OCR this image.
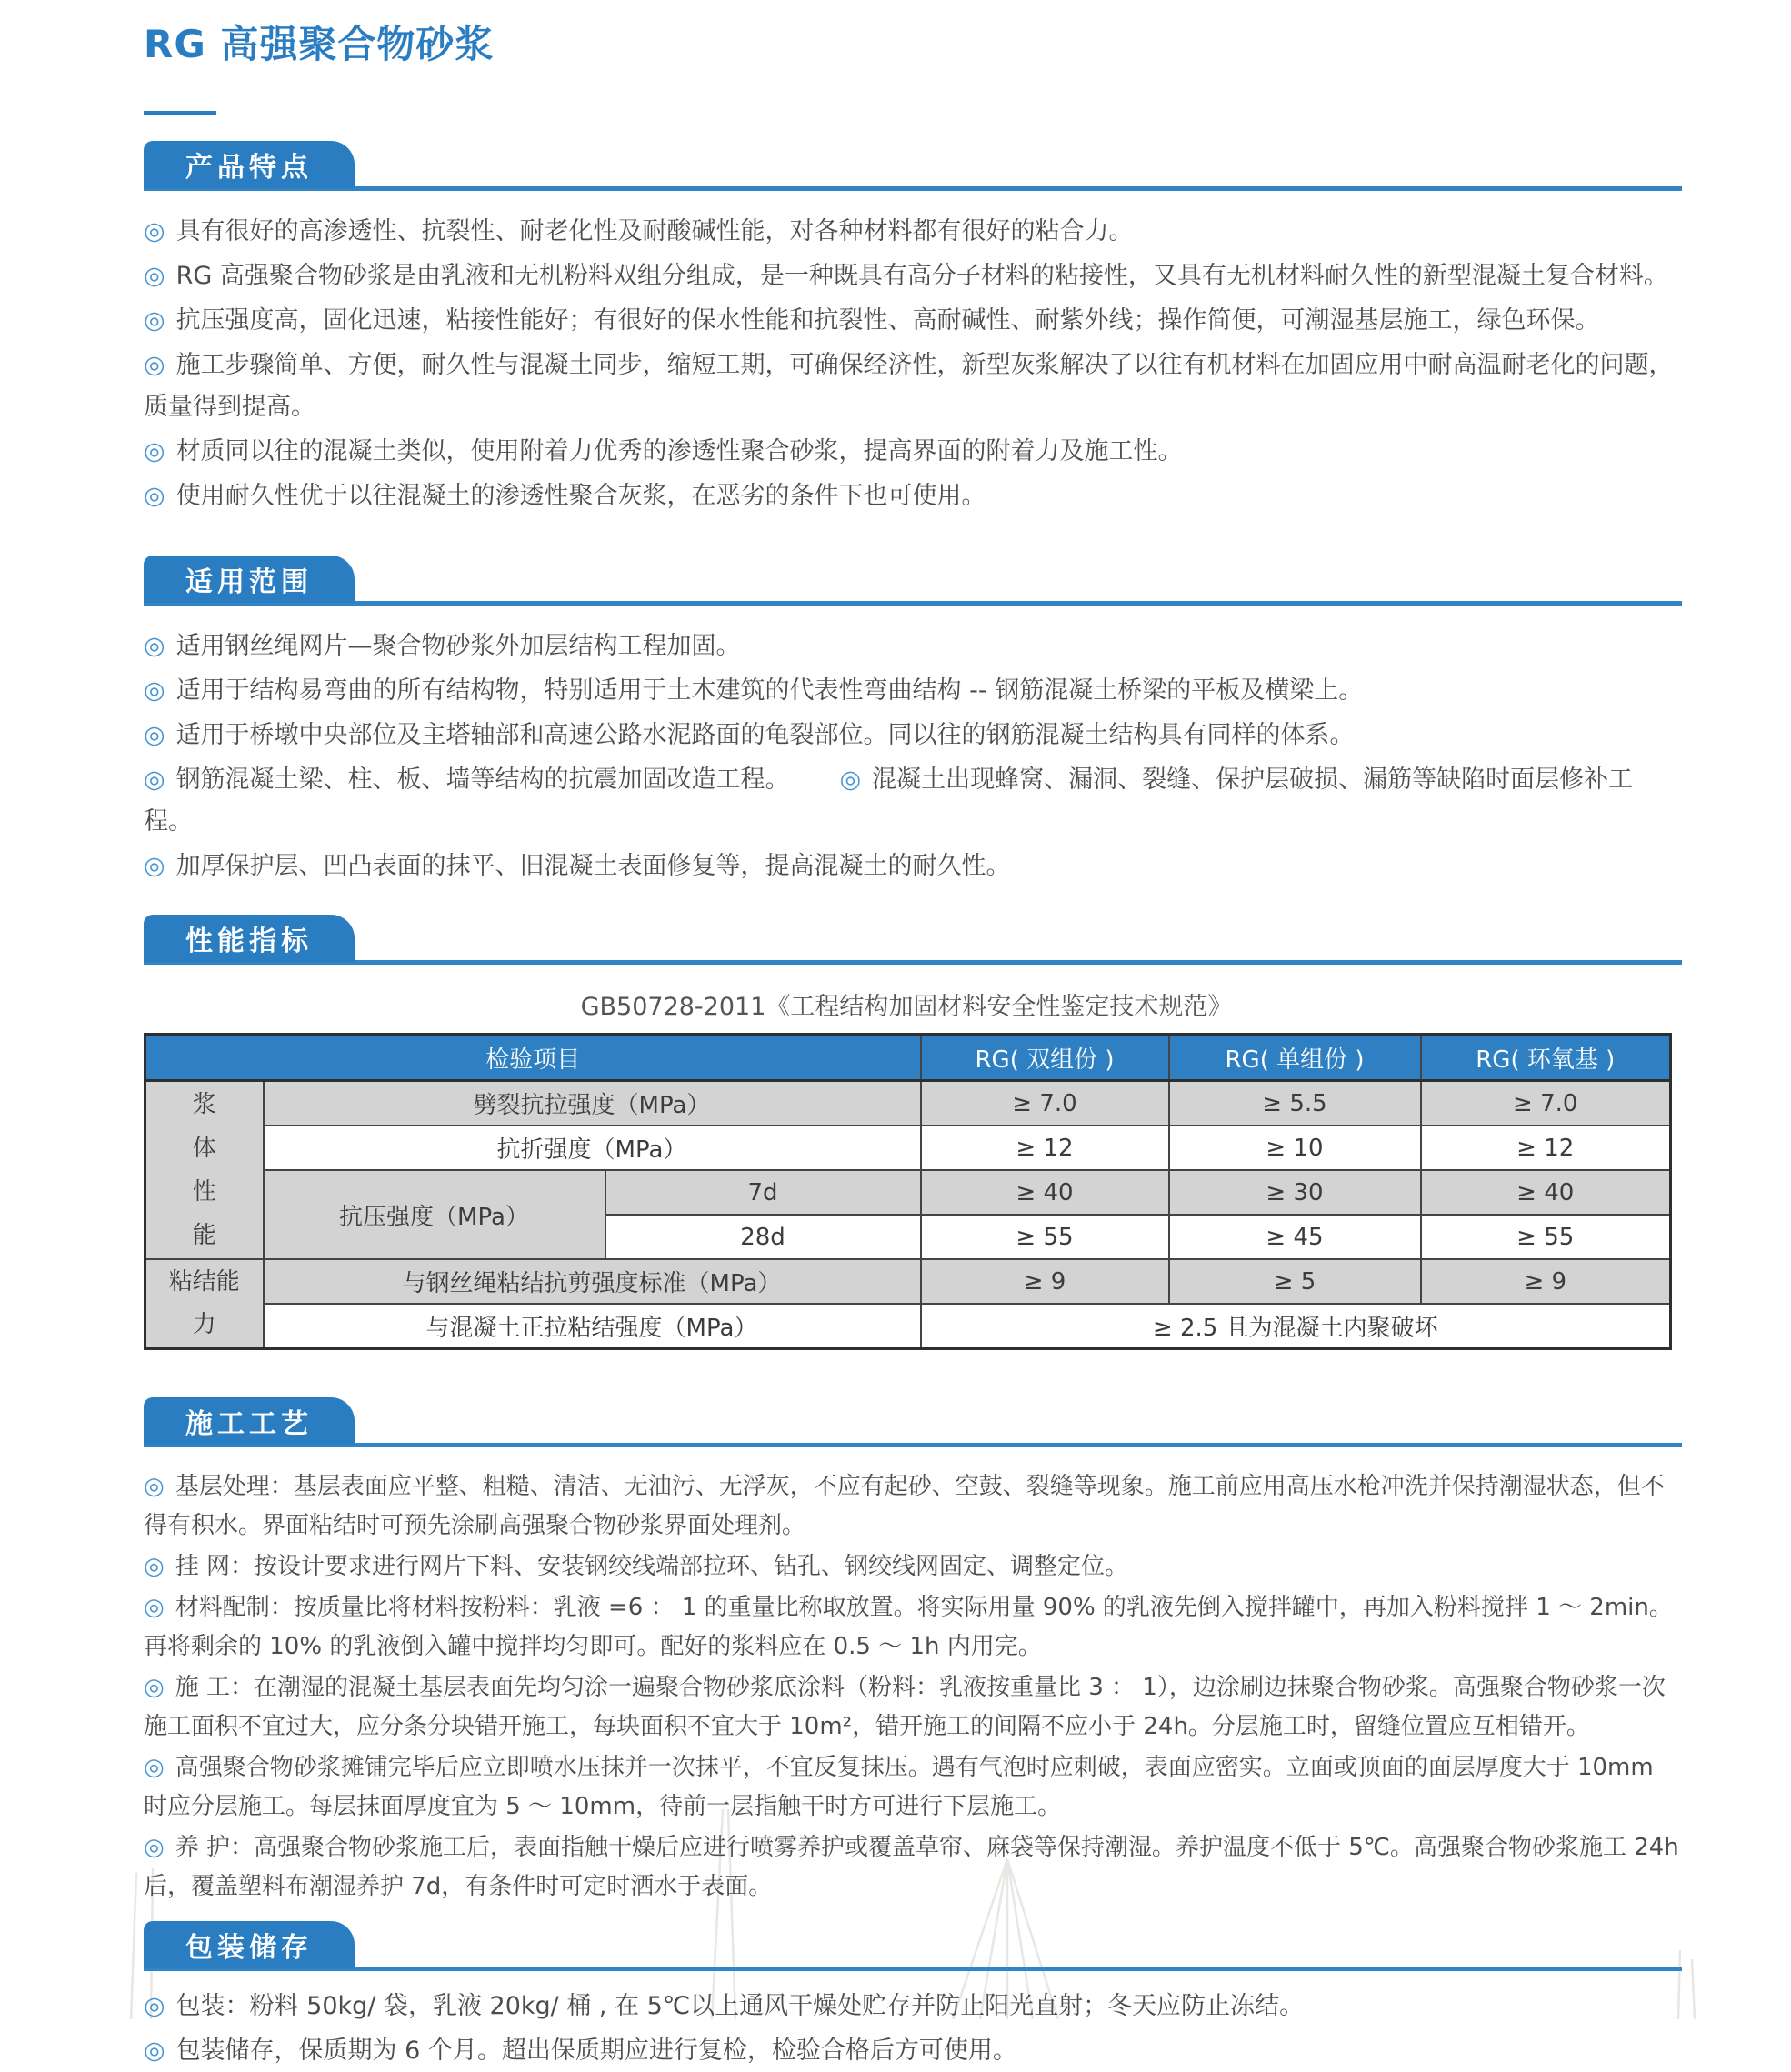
RG 高强聚合物砂浆
产品特点

◎ 具有很好的高渗透性、抗裂性、耐老化性及耐酸碱性能，对各种材料都有很好的粘合力。

◎ RG 高强聚合物砂浆是由乳液和无机粉料双组分组成，是一种既具有高分子材料的粘接性，又具有无机材料耐久性的新型混凝土复合材料。

◎ 抗压强度高，固化迅速，粘接性能好；有很好的保水性能和抗裂性、高耐碱性、耐紫外线；操作简便，可潮湿基层施工，绿色环保。

◎ 施工步骤简单、方便，耐久性与混凝土同步，缩短工期，可确保经济性，新型灰浆解决了以往有机材料在加固应用中耐高温耐老化的问题，质量得到提高。

◎ 材质同以往的混凝土类似，使用附着力优秀的渗透性聚合砂浆，提高界面的附着力及施工性。

◎ 使用耐久性优于以往混凝土的渗透性聚合灰浆，在恶劣的条件下也可使用。

适用范围

◎ 适用钢丝绳网片—聚合物砂浆外加层结构工程加固。

◎ 适用于结构易弯曲的所有结构物，特别适用于土木建筑的代表性弯曲结构 -- 钢筋混凝土桥梁的平板及横梁上。

◎ 适用于桥墩中央部位及主塔轴部和高速公路水泥路面的龟裂部位。同以往的钢筋混凝土结构具有同样的体系。

◎ 钢筋混凝土梁、柱、板、墙等结构的抗震加固改造工程。 ◎ 混凝土出现蜂窝、漏洞、裂缝、保护层破损、漏筋等缺陷时面层修补工程。

◎ 加厚保护层、凹凸表面的抹平、旧混凝土表面修复等，提高混凝土的耐久性。

性能指标
GB50728-2011《工程结构加固材料安全性鉴定技术规范》
检验项目			RG( 双组份 )	RG( 单组份 )	RG( 环氧基 )
浆体性能	劈裂抗拉强度（MPa）		≥ 7.0	≥ 5.5	≥ 7.0
	抗折强度（MPa）		≥ 12	≥ 10	≥ 12
	抗压强度（MPa）	7d	≥ 40	≥ 30	≥ 40
		28d	≥ 55	≥ 45	≥ 55
粘结能力	与钢丝绳粘结抗剪强度标准（MPa）		≥ 9	≥ 5	≥ 9
	与混凝土正拉粘结强度（MPa）		≥ 2.5 且为混凝土内聚破坏		
施工工艺

◎ 基层处理：基层表面应平整、粗糙、清洁、无油污、无浮灰，不应有起砂、空鼓、裂缝等现象。施工前应用高压水枪冲洗并保持潮湿状态，但不得有积水。界面粘结时可预先涂刷高强聚合物砂浆界面处理剂。

◎ 挂 网：按设计要求进行网片下料、安装钢绞线端部拉环、钻孔、钢绞线网固定、调整定位。

◎ 材料配制：按质量比将材料按粉料：乳液 =6 ： 1 的重量比称取放置。将实际用量 90% 的乳液先倒入搅拌罐中，再加入粉料搅拌 1 ～ 2min。再将剩余的 10% 的乳液倒入罐中搅拌均匀即可。配好的浆料应在 0.5 ～ 1h 内用完。

◎ 施 工：在潮湿的混凝土基层表面先均匀涂一遍聚合物砂浆底涂料（粉料：乳液按重量比 3 ： 1），边涂刷边抹聚合物砂浆。高强聚合物砂浆一次施工面积不宜过大，应分条分块错开施工，每块面积不宜大于 10m²，错开施工的间隔不应小于 24h。分层施工时，留缝位置应互相错开。

◎ 高强聚合物砂浆摊铺完毕后应立即喷水压抹并一次抹平，不宜反复抹压。遇有气泡时应刺破，表面应密实。立面或顶面的面层厚度大于 10mm 时应分层施工。每层抹面厚度宜为 5 ～ 10mm，待前一层指触干时方可进行下层施工。

◎ 养 护：高强聚合物砂浆施工后，表面指触干燥后应进行喷雾养护或覆盖草帘、麻袋等保持潮湿。养护温度不低于 5℃。高强聚合物砂浆施工 24h 后，覆盖塑料布潮湿养护 7d，有条件时可定时洒水于表面。

包装储存

◎ 包装：粉料 50kg/ 袋，乳液 20kg/ 桶 , 在 5℃以上通风干燥处贮存并防止阳光直射；冬天应防止冻结。

◎ 包装储存，保质期为 6 个月。超出保质期应进行复检，检验合格后方可使用。
